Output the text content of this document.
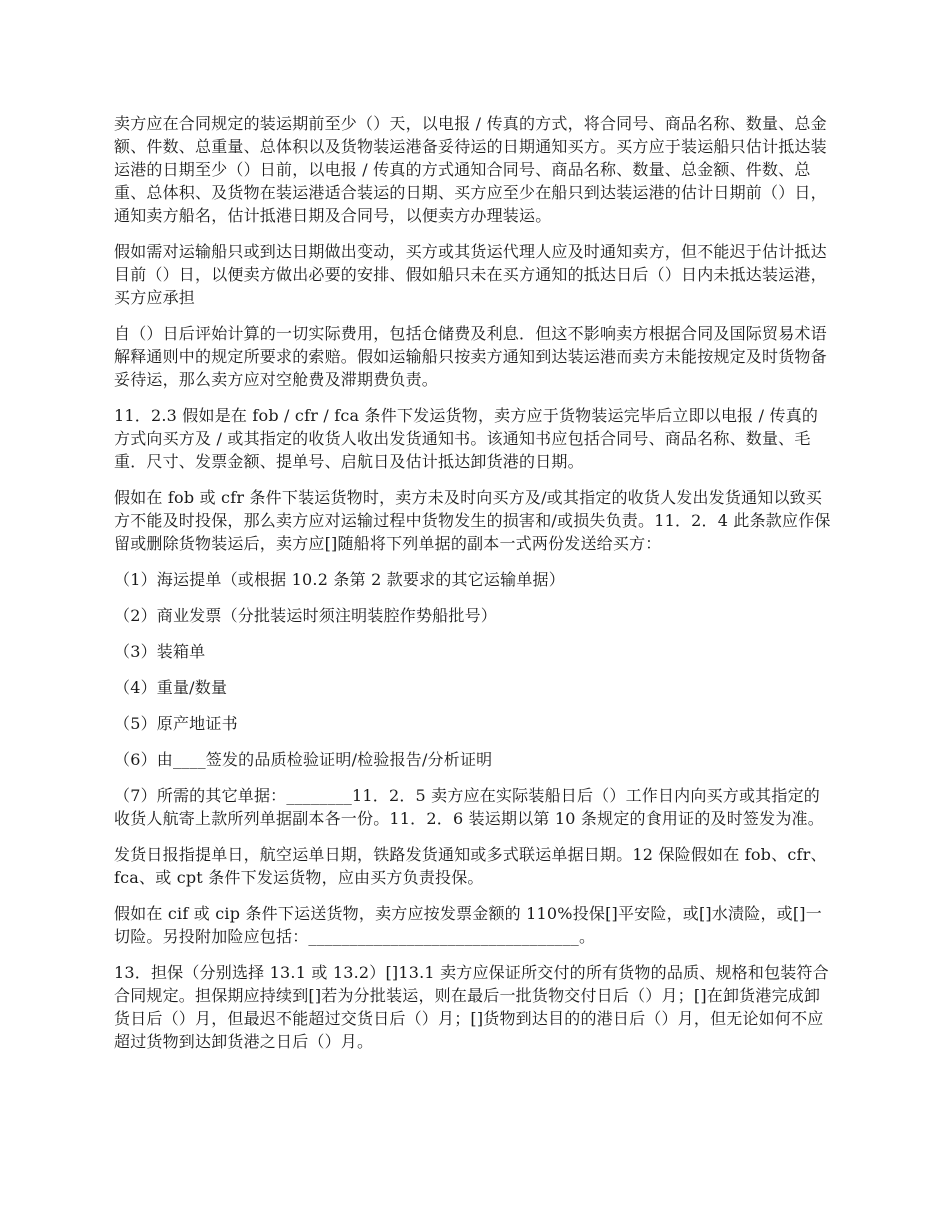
卖方应在合同规定的装运期前至少（）天，以电报 / 传真的方式，将合同号、商品名称、数量、总金额、件数、总重量、总体积以及货物装运港备妥待运的日期通知买方。买方应于装运船只估计抵达装运港的日期至少（）日前，以电报 / 传真的方式通知合同号、商品名称、数量、总金额、件数、总重、总体积、及货物在装运港适合装运的日期、买方应至少在船只到达装运港的估计日期前（）日，通知卖方船名，估计抵港日期及合同号，以便卖方办理装运。

假如需对运输船只或到达日期做出变动，买方或其货运代理人应及时通知卖方，但不能迟于估计抵达目前（）日，以便卖方做出必要的安排、假如船只未在买方通知的抵达日后（）日内未抵达装运港，买方应承担

自（）日后评始计算的一切实际费用，包括仓储费及利息．但这不影响卖方根据合同及国际贸易术语解释通则中的规定所要求的索赔。假如运输船只按卖方通知到达装运港而卖方未能按规定及时货物备妥待运，那么卖方应对空舱费及滞期费负责。

11．2.3 假如是在 fob / cfr / fca 条件下发运货物，卖方应于货物装运完毕后立即以电报 / 传真的方式向买方及 / 或其指定的收货人收出发货通知书。该通知书应包括合同号、商品名称、数量、毛重．尺寸、发票金额、提单号、启航日及估计抵达卸货港的日期。

假如在 fob 或 cfr 条件下装运货物时，卖方未及时向买方及/或其指定的收货人发出发货通知以致买方不能及时投保，那么卖方应对运输过程中货物发生的损害和/或损失负责。11．2．4 此条款应作保留或删除货物装运后，卖方应[]随船将下列单据的副本一式两份发送给买方：

（1）海运提单（或根据 10.2 条第 2 款要求的其它运输单据）

（2）商业发票（分批装运时须注明装腔作势船批号）

（3）装箱单

（4）重量/数量

（5）原产地证书

（6）由____签发的品质检验证明/检验报告/分析证明

（7）所需的其它单据：________11．2．5 卖方应在实际装船日后（）工作日内向买方或其指定的收货人航寄上款所列单据副本各一份。11．2．6 装运期以第 10 条规定的食用证的及时签发为准。

发货日报指提单日，航空运单日期，铁路发货通知或多式联运单据日期。12 保险假如在 fob、cfr、fca、或 cpt 条件下发运货物，应由买方负责投保。

假如在 cif 或 cip 条件下运送货物，卖方应按发票金额的 110%投保[]平安险，或[]水渍险，或[]一切险。另投附加险应包括：_________________________________。

13．担保（分别选择 13.1 或 13.2）[]13.1 卖方应保证所交付的所有货物的品质、规格和包装符合合同规定。担保期应持续到[]若为分批装运，则在最后一批货物交付日后（）月；[]在卸货港完成卸货日后（）月，但最迟不能超过交货日后（）月；[]货物到达目的的港日后（）月，但无论如何不应超过货物到达卸货港之日后（）月。
